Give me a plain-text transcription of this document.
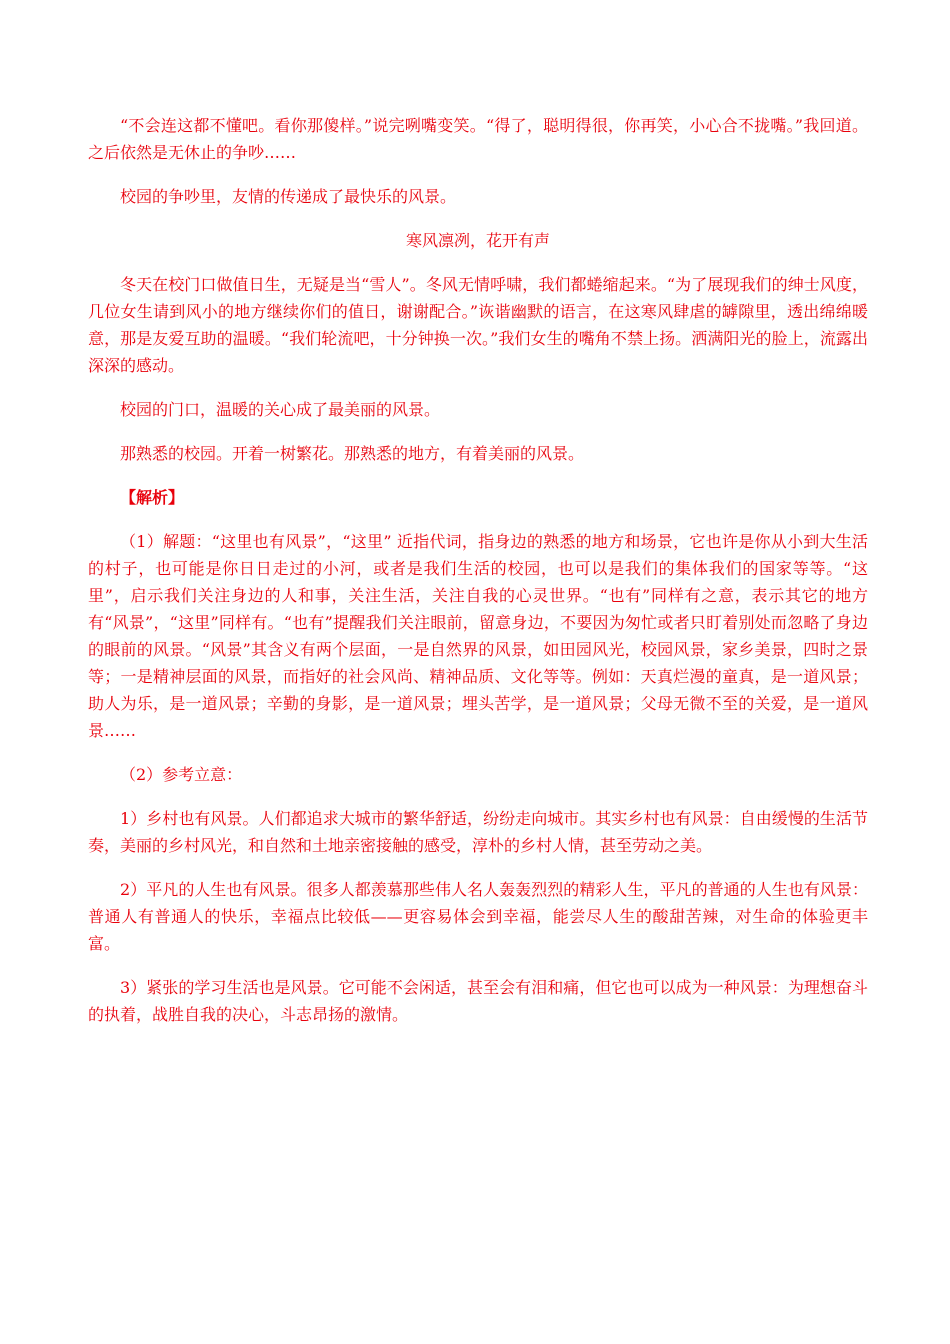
“不会连这都不懂吧。看你那傻样。”说完咧嘴变笑。“得了，聪明得很，你再笑，小心合不拢嘴。”我回道。之后依然是无休止的争吵……

校园的争吵里，友情的传递成了最快乐的风景。

寒风凛冽，花开有声

冬天在校门口做值日生，无疑是当“雪人”。冬风无情呼啸，我们都蜷缩起来。“为了展现我们的绅士风度，几位女生请到风小的地方继续你们的值日，谢谢配合。”诙谐幽默的语言，在这寒风肆虐的罅隙里，透出绵绵暖意，那是友爱互助的温暖。“我们轮流吧，十分钟换一次。”我们女生的嘴角不禁上扬。洒满阳光的脸上，流露出深深的感动。

校园的门口，温暖的关心成了最美丽的风景。

那熟悉的校园。开着一树繁花。那熟悉的地方，有着美丽的风景。

【解析】

（1）解题：“这里也有风景”，“这里” 近指代词，指身边的熟悉的地方和场景，它也许是你从小到大生活的村子，也可能是你日日走过的小河，或者是我们生活的校园，也可以是我们的集体我们的国家等等。“这里”，启示我们关注身边的人和事，关注生活，关注自我的心灵世界。“也有”同样有之意，表示其它的地方有“风景”，“这里”同样有。“也有”提醒我们关注眼前，留意身边，不要因为匆忙或者只盯着别处而忽略了身边的眼前的风景。“风景”其含义有两个层面，一是自然界的风景，如田园风光，校园风景，家乡美景，四时之景等；一是精神层面的风景，而指好的社会风尚、精神品质、文化等等。例如：天真烂漫的童真，是一道风景；助人为乐，是一道风景；辛勤的身影，是一道风景；埋头苦学，是一道风景；父母无微不至的关爱，是一道风景……

（2）参考立意：

1）乡村也有风景。人们都追求大城市的繁华舒适，纷纷走向城市。其实乡村也有风景：自由缓慢的生活节奏，美丽的乡村风光，和自然和土地亲密接触的感受，淳朴的乡村人情，甚至劳动之美。

2）平凡的人生也有风景。很多人都羡慕那些伟人名人轰轰烈烈的精彩人生，平凡的普通的人生也有风景：普通人有普通人的快乐，幸福点比较低——更容易体会到幸福，能尝尽人生的酸甜苦辣，对生命的体验更丰富。

3）紧张的学习生活也是风景。它可能不会闲适，甚至会有泪和痛，但它也可以成为一种风景：为理想奋斗的执着，战胜自我的决心，斗志昂扬的激情。
